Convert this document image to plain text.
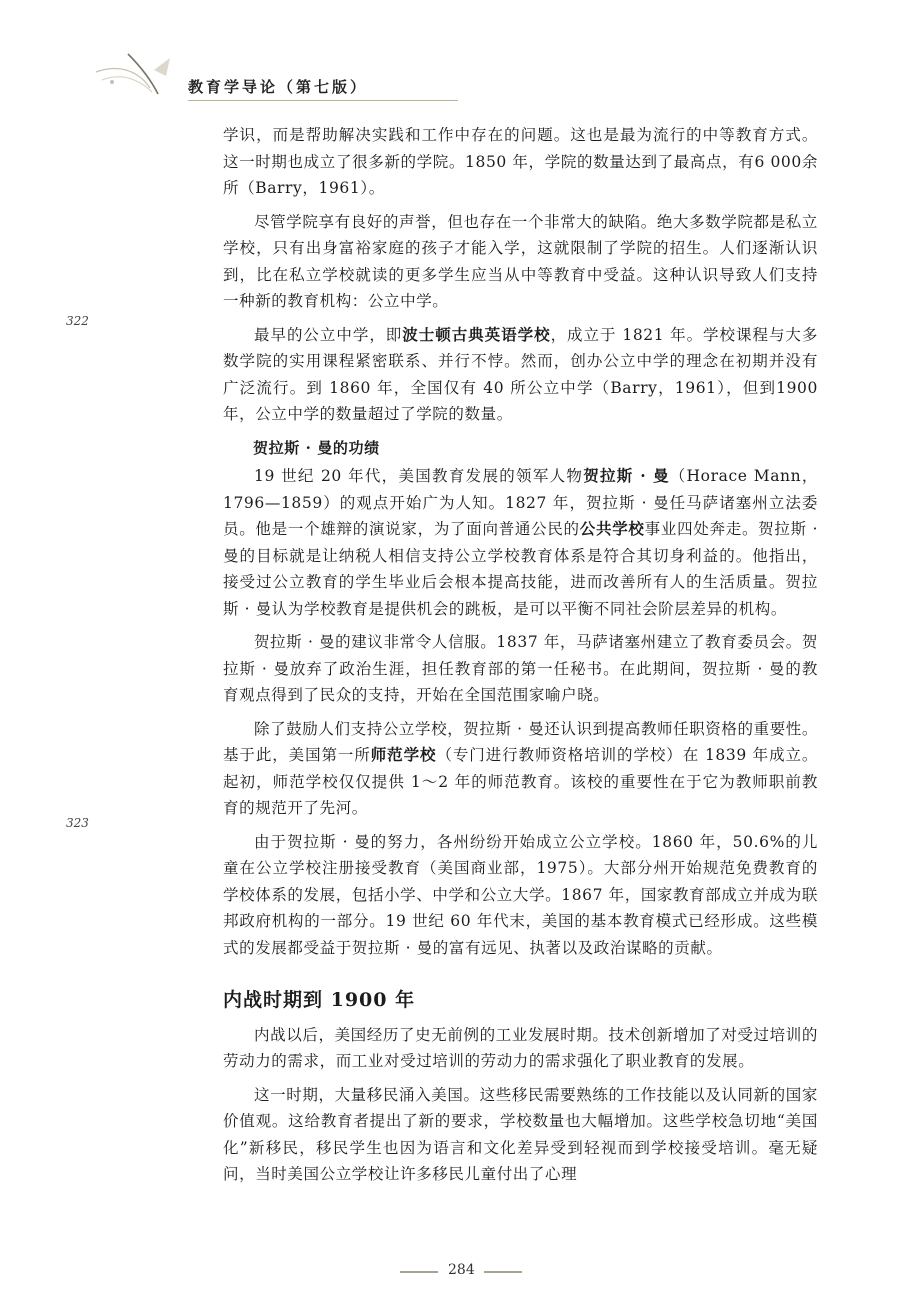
教育学导论（第七版）
322
323

学识，而是帮助解决实践和工作中存在的问题。这也是最为流行的中等教育方式。这一时期也成立了很多新的学院。1850 年，学院的数量达到了最高点，有6 000余所（Barry，1961）。

尽管学院享有良好的声誉，但也存在一个非常大的缺陷。绝大多数学院都是私立学校，只有出身富裕家庭的孩子才能入学，这就限制了学院的招生。人们逐渐认识到，比在私立学校就读的更多学生应当从中等教育中受益。这种认识导致人们支持一种新的教育机构：公立中学。

最早的公立中学，即波士顿古典英语学校，成立于 1821 年。学校课程与大多数学院的实用课程紧密联系、并行不悖。然而，创办公立中学的理念在初期并没有广泛流行。到 1860 年，全国仅有 40 所公立中学（Barry，1961），但到1900 年，公立中学的数量超过了学院的数量。

贺拉斯 · 曼的功绩

19 世纪 20 年代，美国教育发展的领军人物贺拉斯 · 曼（Horace Mann，1796—1859）的观点开始广为人知。1827 年，贺拉斯 · 曼任马萨诸塞州立法委员。他是一个雄辩的演说家，为了面向普通公民的公共学校事业四处奔走。贺拉斯 · 曼的目标就是让纳税人相信支持公立学校教育体系是符合其切身利益的。他指出，接受过公立教育的学生毕业后会根本提高技能，进而改善所有人的生活质量。贺拉斯 · 曼认为学校教育是提供机会的跳板，是可以平衡不同社会阶层差异的机构。

贺拉斯 · 曼的建议非常令人信服。1837 年，马萨诸塞州建立了教育委员会。贺拉斯 · 曼放弃了政治生涯，担任教育部的第一任秘书。在此期间，贺拉斯 · 曼的教育观点得到了民众的支持，开始在全国范围家喻户晓。

除了鼓励人们支持公立学校，贺拉斯 · 曼还认识到提高教师任职资格的重要性。基于此，美国第一所师范学校（专门进行教师资格培训的学校）在 1839 年成立。起初，师范学校仅仅提供 1～2 年的师范教育。该校的重要性在于它为教师职前教育的规范开了先河。

由于贺拉斯 · 曼的努力，各州纷纷开始成立公立学校。1860 年，50.6%的儿童在公立学校注册接受教育（美国商业部，1975）。大部分州开始规范免费教育的学校体系的发展，包括小学、中学和公立大学。1867 年，国家教育部成立并成为联邦政府机构的一部分。19 世纪 60 年代末，美国的基本教育模式已经形成。这些模式的发展都受益于贺拉斯 · 曼的富有远见、执著以及政治谋略的贡献。

内战时期到 1900 年

内战以后，美国经历了史无前例的工业发展时期。技术创新增加了对受过培训的劳动力的需求，而工业对受过培训的劳动力的需求强化了职业教育的发展。

这一时期，大量移民涌入美国。这些移民需要熟练的工作技能以及认同新的国家价值观。这给教育者提出了新的要求，学校数量也大幅增加。这些学校急切地“美国化”新移民，移民学生也因为语言和文化差异受到轻视而到学校接受培训。毫无疑问，当时美国公立学校让许多移民儿童付出了心理

284
